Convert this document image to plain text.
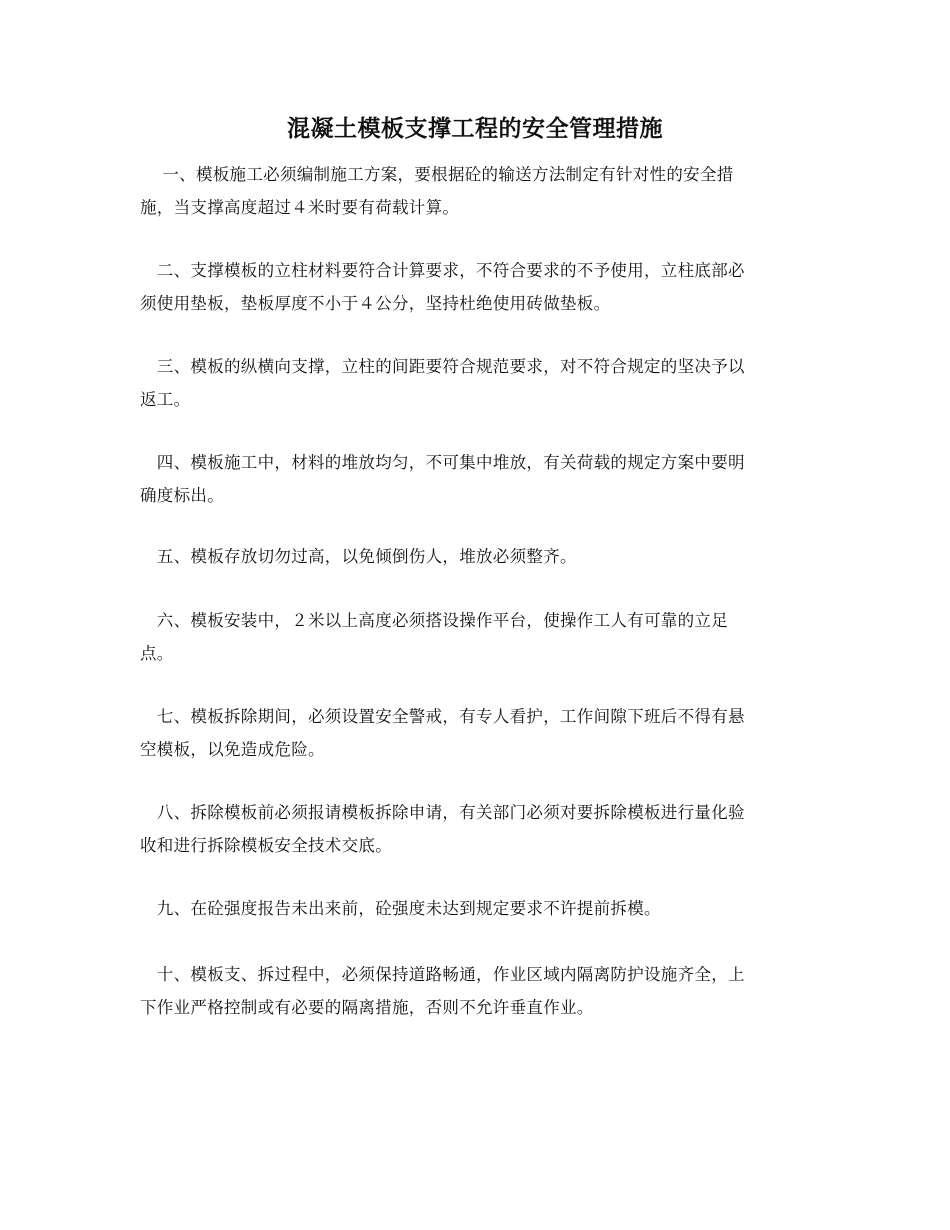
混凝土模板支撑工程的安全管理措施

　 一、模板施工必须编制施工方案，要根据砼的输送方法制定有针对性的安全措
施，当支撑高度超过４米时要有荷载计算。

　二、支撑模板的立柱材料要符合计算要求，不符合要求的不予使用，立柱底部必
须使用垫板，垫板厚度不小于４公分，坚持杜绝使用砖做垫板。

　三、模板的纵横向支撑，立柱的间距要符合规范要求，对不符合规定的坚决予以
返工。

　四、模板施工中，材料的堆放均匀，不可集中堆放，有关荷载的规定方案中要明
确度标出。

　五、模板存放切勿过高，以免倾倒伤人，堆放必须整齐。

　六、模板安装中，２米以上高度必须搭设操作平台，使操作工人有可靠的立足
点。

　七、模板拆除期间，必须设置安全警戒，有专人看护，工作间隙下班后不得有悬
空模板，以免造成危险。

　八、拆除模板前必须报请模板拆除申请，有关部门必须对要拆除模板进行量化验
收和进行拆除模板安全技术交底。

　九、在砼强度报告未出来前，砼强度未达到规定要求不许提前拆模。

　十、模板支、拆过程中，必须保持道路畅通，作业区域内隔离防护设施齐全，上
下作业严格控制或有必要的隔离措施，否则不允许垂直作业。
